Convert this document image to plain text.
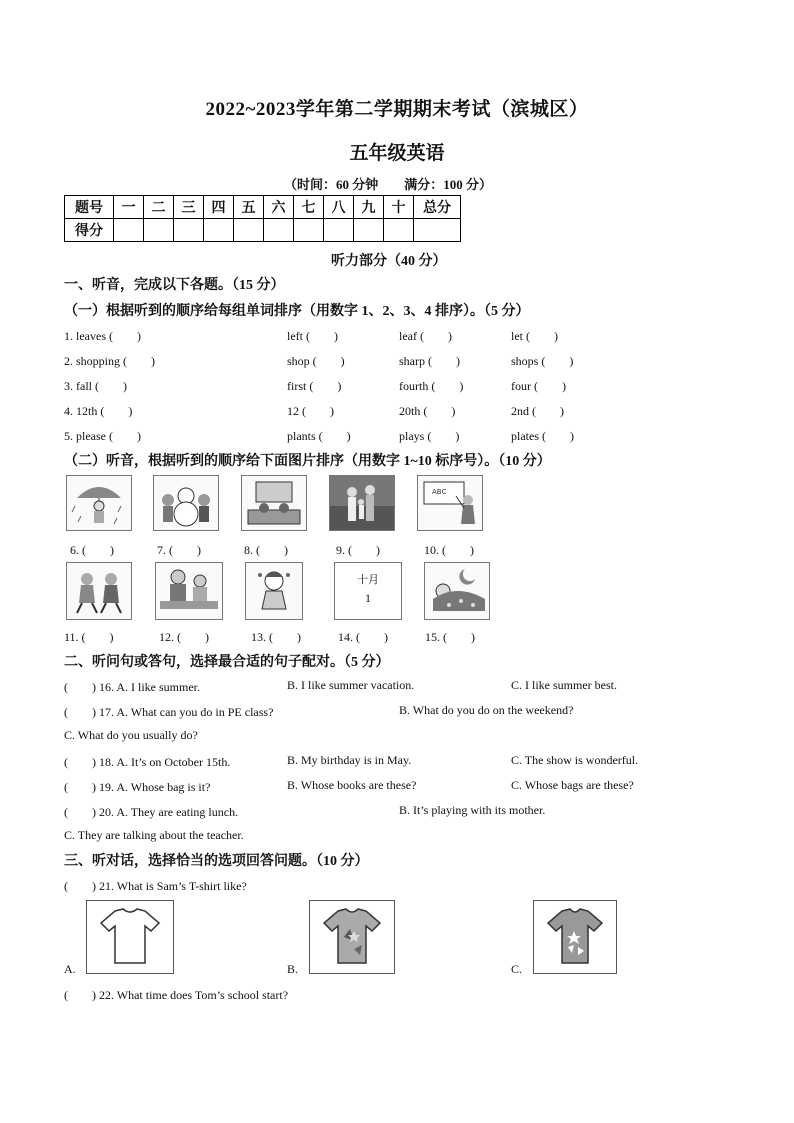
2022~2023学年第二学期期末考试（滨城区）
五年级英语
（时间：60 分钟 满分：100 分）
题号	一	二	三	四	五	六	七	八	九	十	总分
得分											
听力部分（40 分）
一、听音，完成以下各题。（15 分）
（一）根据听到的顺序给每组单词排序（用数字 1、2、3、4 排序）。（5 分）
1. leaves (　　)	left (　　)	leaf (　　)	let (　　)
2. shopping (　　)	shop (　　)	sharp (　　)	shops (　　)
3. fall (　　)	first (　　)	fourth (　　)	four (　　)
4. 12th (　　)	12 (　　)	20th (　　)	2nd (　　)
5. please (　　)	plants (　　)	plays (　　)	plates (　　)
（二）听音，根据听到的顺序给下面图片排序（用数字 1~10 标序号）。（10 分）
ABC
6. (　　)	7. (　　)	8. (　　)	9. (　　)	10. (　　)
十月
1
11. (　　)	12. (　　)	13. (　　)	14. (　　)	15. (　　)
二、听问句或答句，选择最合适的句子配对。（5 分）
(　　) 16. A. I like summer.	B. I like summer vacation.	C. I like summer best.
(　　) 17. A. What can you do in PE class?	B. What do you do on the weekend?
C. What do you usually do?
(　　) 18. A. It’s on October 15th.	B. My birthday is in May.	C. The show is wonderful.
(　　) 19. A. Whose bag is it?	B. Whose books are these?	C. Whose bags are these?
(　　) 20. A. They are eating lunch.	B. It’s playing with its mother.
C. They are talking about the teacher.
三、听对话，选择恰当的选项回答问题。（10 分）
(　　) 21. What is Sam’s T-shirt like?
A.	B.	C.
(　　) 22. What time does Tom’s school start?
